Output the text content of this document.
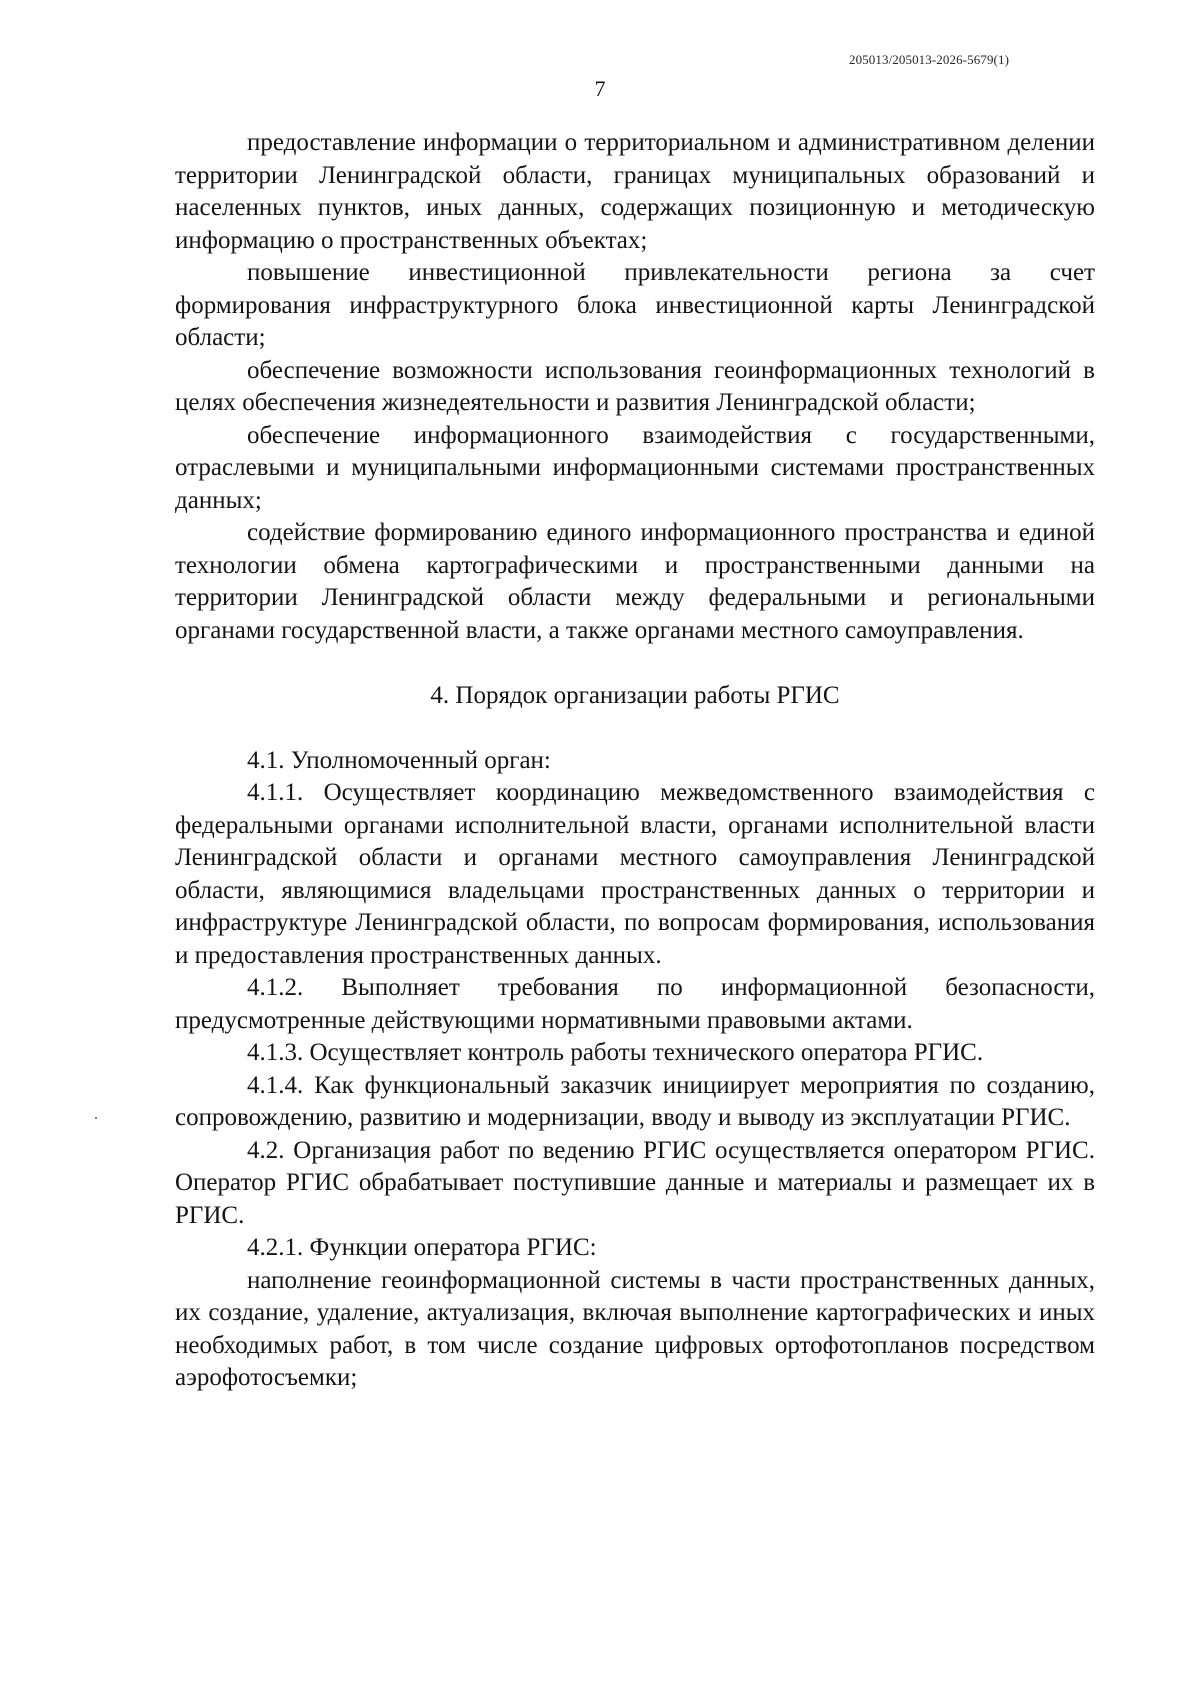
205013/205013-2026-5679(1)
7

предоставление информации о территориальном и административном делении территории Ленинградской области, границах муниципальных образований и населенных пунктов, иных данных, содержащих позиционную и методическую информацию о пространственных объектах;

повышение инвестиционной привлекательности региона за счет формирования инфраструктурного блока инвестиционной карты Ленинградской области;

обеспечение возможности использования геоинформационных технологий в целях обеспечения жизнедеятельности и развития Ленинградской области;

обеспечение информационного взаимодействия с государственными, отраслевыми и муниципальными информационными системами пространственных данных;

содействие формированию единого информационного пространства и единой технологии обмена картографическими и пространственными данными на территории Ленинградской области между федеральными и региональными органами государственной власти, а также органами местного самоуправления.

4. Порядок организации работы РГИС

4.1. Уполномоченный орган:

4.1.1. Осуществляет координацию межведомственного взаимодействия с федеральными органами исполнительной власти, органами исполнительной власти Ленинградской области и органами местного самоуправления Ленинградской области, являющимися владельцами пространственных данных о территории и инфраструктуре Ленинградской области, по вопросам формирования, использования и предоставления пространственных данных.

4.1.2. Выполняет требования по информационной безопасности, предусмотренные действующими нормативными правовыми актами.

4.1.3. Осуществляет контроль работы технического оператора РГИС.

4.1.4. Как функциональный заказчик инициирует мероприятия по созданию, сопровождению, развитию и модернизации, вводу и выводу из эксплуатации РГИС.

4.2. Организация работ по ведению РГИС осуществляется оператором РГИС. Оператор РГИС обрабатывает поступившие данные и материалы и размещает их в РГИС.

4.2.1. Функции оператора РГИС:

наполнение геоинформационной системы в части пространственных данных, их создание, удаление, актуализация, включая выполнение картографических и иных необходимых работ, в том числе создание цифровых ортофотопланов посредством аэрофотосъемки;
